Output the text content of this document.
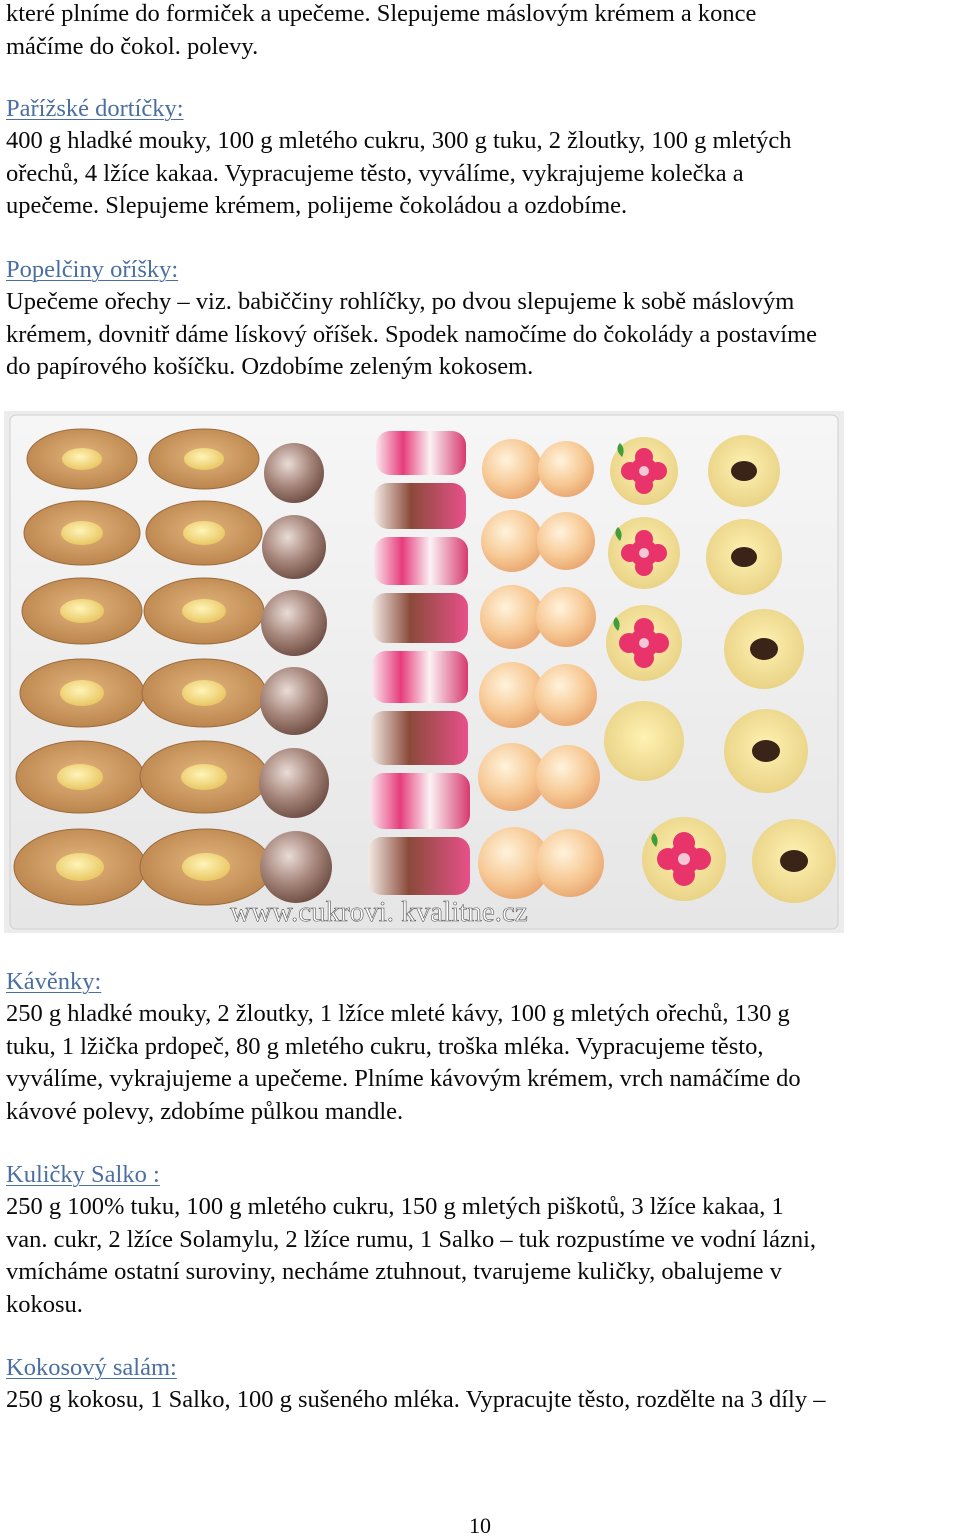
které plníme do formiček a upečeme. Slepujeme máslovým krémem a konce
máčíme do čokol. polevy.
Pařížské dortíčky:
400 g hladké mouky, 100 g mletého cukru, 300 g tuku, 2 žloutky, 100 g mletých
ořechů, 4 lžíce kakaa. Vypracujeme těsto, vyválíme, vykrajujeme kolečka a
upečeme. Slepujeme krémem, polijeme čokoládou a ozdobíme.
Popelčiny oříšky:
Upečeme ořechy – viz. babiččiny rohlíčky, po dvou slepujeme k sobě máslovým
krémem, dovnitř dáme lískový oříšek. Spodek namočíme do čokolády a postavíme
do papírového košíčku. Ozdobíme zeleným kokosem.
www.cukrovi. kvalitne.cz
Kávěnky:
250 g hladké mouky, 2 žloutky, 1 lžíce mleté kávy, 100 g mletých ořechů, 130 g
tuku, 1 lžička prdopeč, 80 g mletého cukru, troška mléka. Vypracujeme těsto,
vyválíme, vykrajujeme a upečeme. Plníme kávovým krémem, vrch namáčíme do
kávové polevy, zdobíme půlkou mandle.
Kuličky Salko :
250 g 100% tuku, 100 g mletého cukru, 150 g mletých piškotů, 3 lžíce kakaa, 1
van. cukr, 2 lžíce Solamylu, 2 lžíce rumu, 1 Salko – tuk rozpustíme ve vodní lázni,
vmícháme ostatní suroviny, necháme ztuhnout, tvarujeme kuličky, obalujeme v
kokosu.
Kokosový salám:
250 g kokosu, 1 Salko, 100 g sušeného mléka. Vypracujte těsto, rozdělte na 3 díly –
10
